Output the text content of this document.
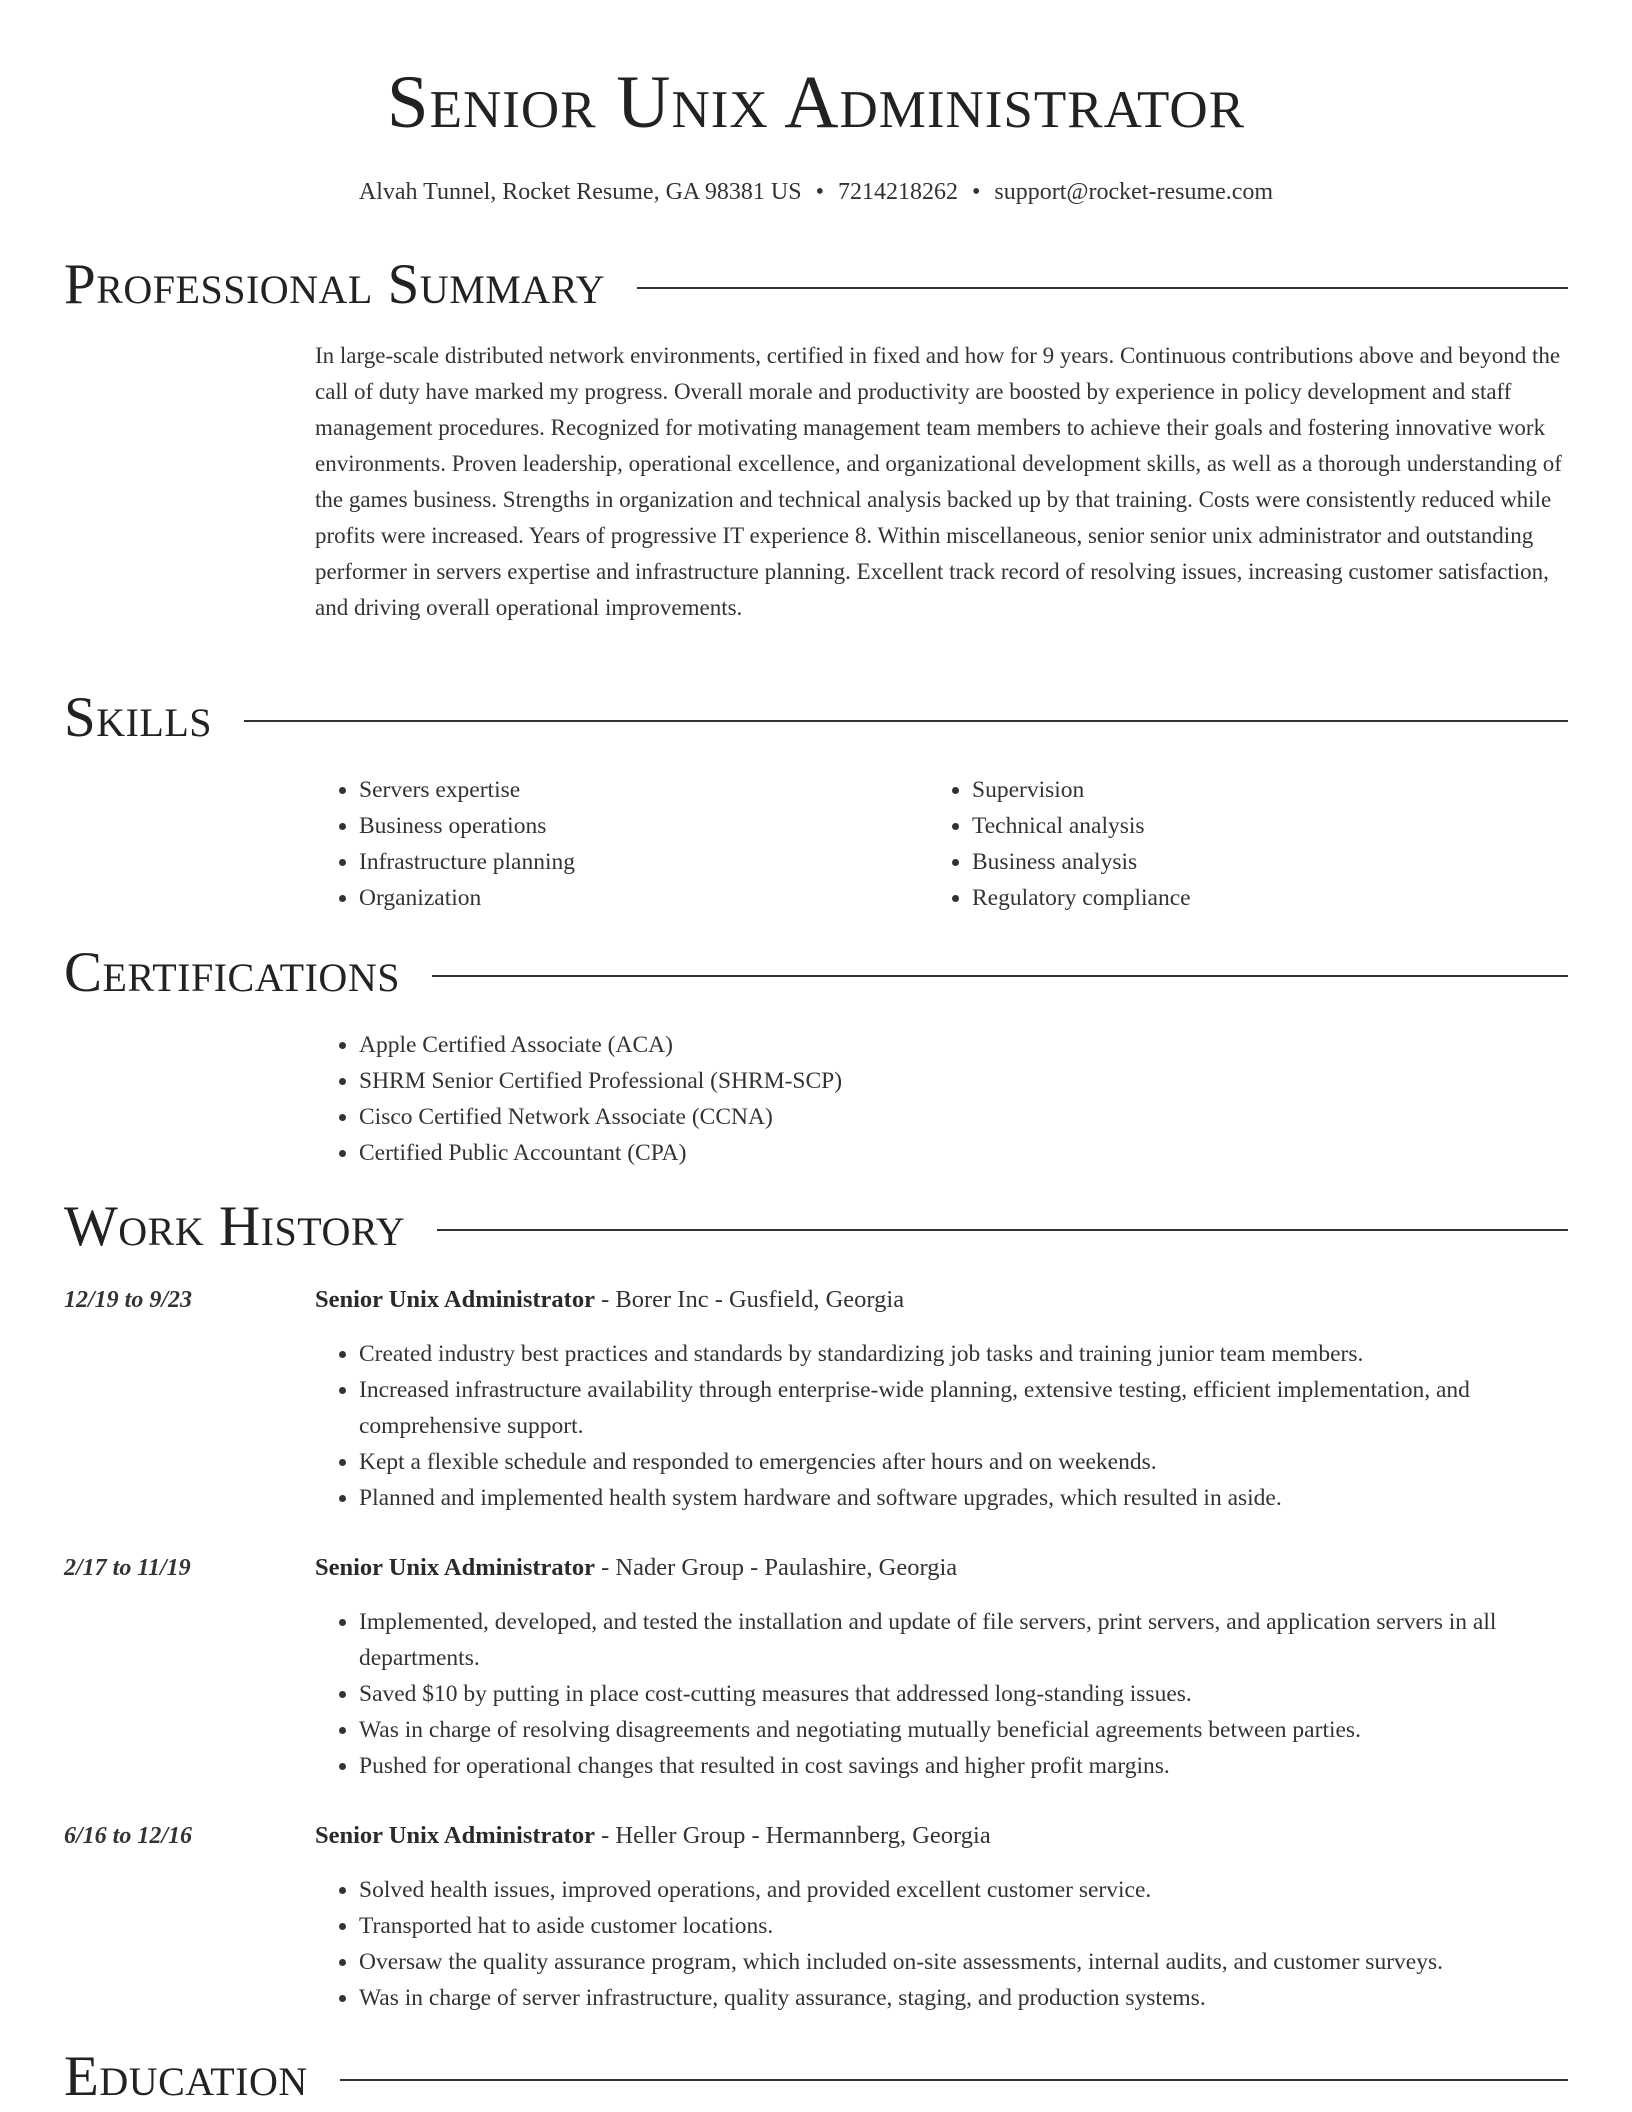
Senior Unix Administrator
Alvah Tunnel, Rocket Resume, GA 98381 US • 7214218262 • support@rocket-resume.com
Professional Summary

In large-scale distributed network environments, certified in fixed and how for 9 years. Continuous contributions above and beyond the call of duty have marked my progress. Overall morale and productivity are boosted by experience in policy development and staff management procedures. Recognized for motivating management team members to achieve their goals and fostering innovative work environments. Proven leadership, operational excellence, and organizational development skills, as well as a thorough understanding of the games business. Strengths in organization and technical analysis backed up by that training. Costs were consistently reduced while profits were increased. Years of progressive IT experience 8. Within miscellaneous, senior senior unix administrator and outstanding performer in servers expertise and infrastructure planning. Excellent track record of resolving issues, increasing customer satisfaction, and driving overall operational improvements.

Skills
• Servers expertise
• Business operations
• Infrastructure planning
• Organization
• Supervision
• Technical analysis
• Business analysis
• Regulatory compliance
Certifications
• Apple Certified Associate (ACA)
• SHRM Senior Certified Professional (SHRM-SCP)
• Cisco Certified Network Associate (CCNA)
• Certified Public Accountant (CPA)
Work History
12/19 to 9/23	Senior Unix Administrator - Borer Inc - Gusfield, Georgia
• Created industry best practices and standards by standardizing job tasks and training junior team members.
• Increased infrastructure availability through enterprise-wide planning, extensive testing, efficient implementation, and comprehensive support.
• Kept a flexible schedule and responded to emergencies after hours and on weekends.
• Planned and implemented health system hardware and software upgrades, which resulted in aside.
2/17 to 11/19	Senior Unix Administrator - Nader Group - Paulashire, Georgia
• Implemented, developed, and tested the installation and update of file servers, print servers, and application servers in all departments.
• Saved $10 by putting in place cost-cutting measures that addressed long-standing issues.
• Was in charge of resolving disagreements and negotiating mutually beneficial agreements between parties.
• Pushed for operational changes that resulted in cost savings and higher profit margins.
6/16 to 12/16	Senior Unix Administrator - Heller Group - Hermannberg, Georgia
• Solved health issues, improved operations, and provided excellent customer service.
• Transported hat to aside customer locations.
• Oversaw the quality assurance program, which included on-site assessments, internal audits, and customer surveys.
• Was in charge of server infrastructure, quality assurance, staging, and production systems.
Education
